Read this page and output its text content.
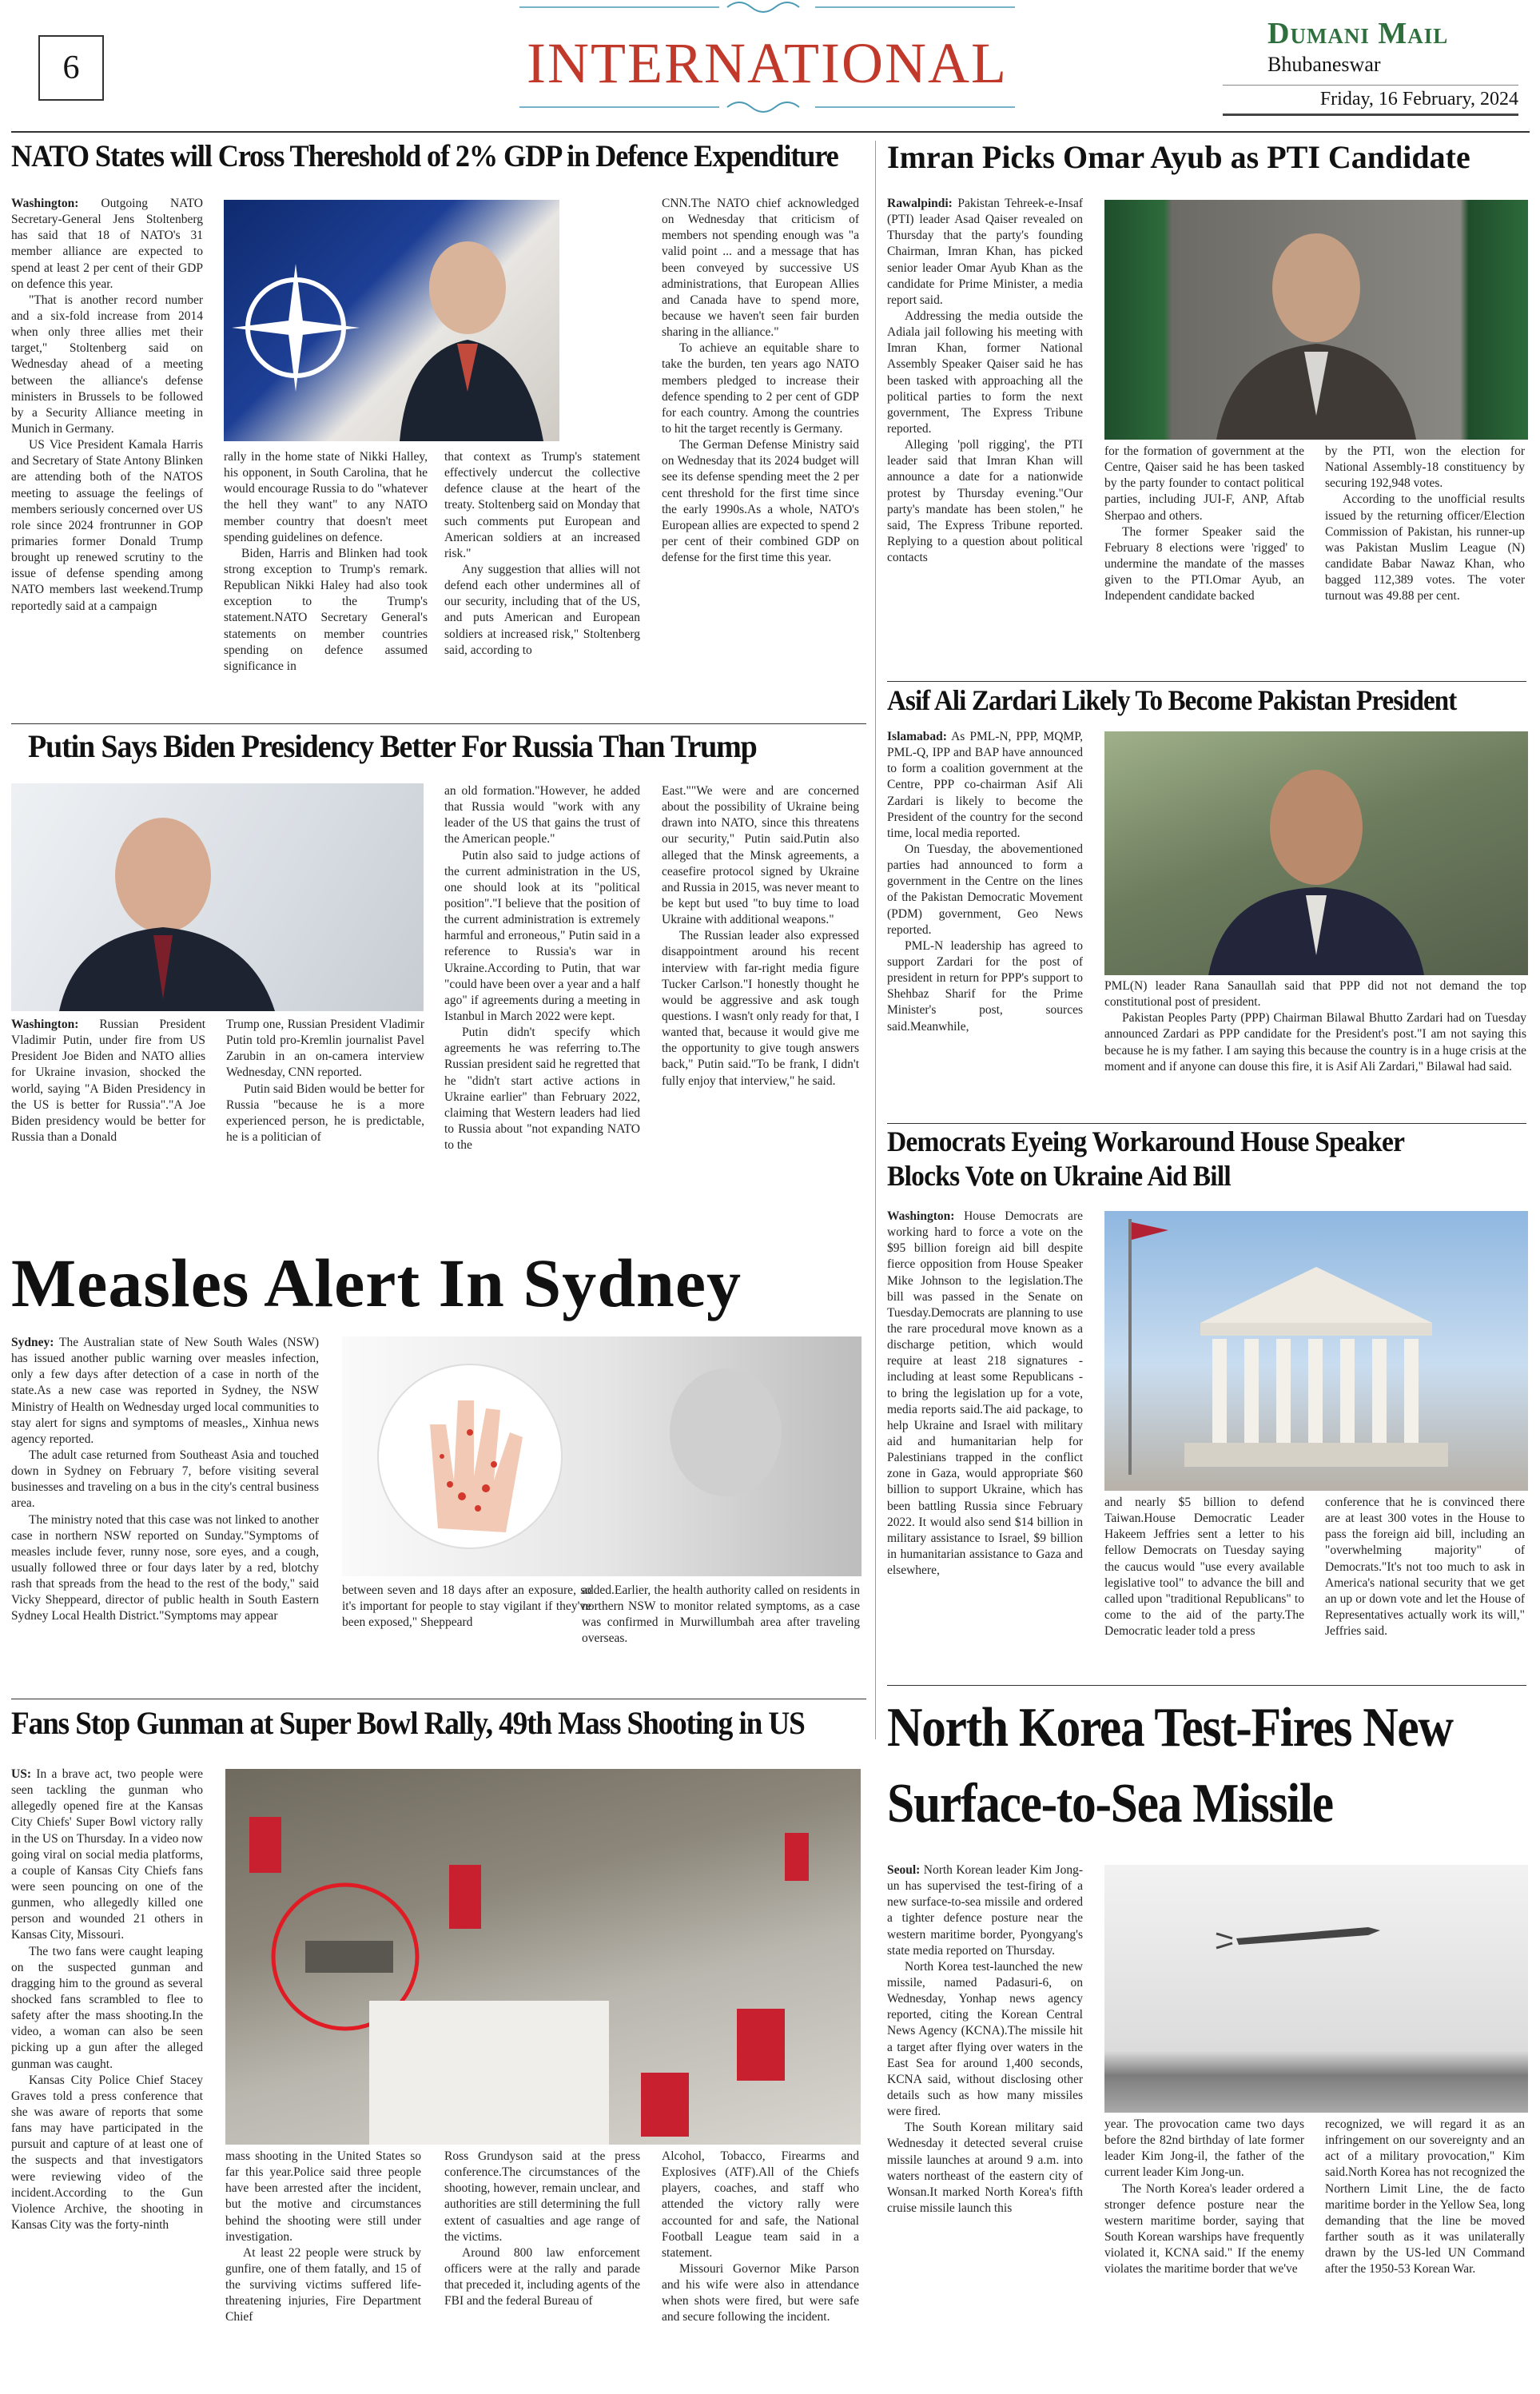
6	INTERNATIONAL	Dumani Mail
Bhubaneswar
Friday, 16 February, 2024
NATO States will Cross Thereshold of 2% GDP in Defence Expenditure

Washington: Outgoing NATO Secretary-General Jens Stoltenberg has said that 18 of NATO's 31 member alliance are expected to spend at least 2 per cent of their GDP on defence this year.

"That is another record number and a six-fold increase from 2014 when only three allies met their target," Stoltenberg said on Wednesday ahead of a meeting between the alliance's defense ministers in Brussels to be followed by a Security Alliance meeting in Munich in Germany.

US Vice President Kamala Harris and Secretary of State Antony Blinken are attending both of the NATOS meeting to assuage the feelings of members seriously concerned over US role since 2024 frontrunner in GOP primaries former Donald Trump brought up renewed scrutiny to the issue of defense spending among NATO members last weekend.Trump reportedly said at a campaign

rally in the home state of Nikki Halley, his opponent, in South Carolina, that he would encourage Russia to do "whatever the hell they want" to any NATO member country that doesn't meet spending guidelines on defence.

Biden, Harris and Blinken had took strong exception to Trump's remark. Republican Nikki Haley had also took exception to the Trump's statement.NATO Secretary General's statements on member countries spending on defence assumed significance in

that context as Trump's statement effectively undercut the collective defence clause at the heart of the treaty. Stoltenberg said on Monday that such comments put European and American soldiers at an increased risk."

Any suggestion that allies will not defend each other undermines all of our security, including that of the US, and puts American and European soldiers at increased risk," Stoltenberg said, according to

CNN.The NATO chief acknowledged on Wednesday that criticism of members not spending enough was "a valid point ... and a message that has been conveyed by successive US administrations, that European Allies and Canada have to spend more, because we haven't seen fair burden sharing in the alliance."

To achieve an equitable share to take the burden, ten years ago NATO members pledged to increase their defence spending to 2 per cent of GDP for each country. Among the countries to hit the target recently is Germany.

The German Defense Ministry said on Wednesday that its 2024 budget will see its defense spending meet the 2 per cent threshold for the first time since the early 1990s.As a whole, NATO's European allies are expected to spend 2 per cent of their combined GDP on defense for the first time this year.

Imran Picks Omar Ayub as PTI Candidate

Rawalpindi: Pakistan Tehreek-e-Insaf (PTI) leader Asad Qaiser revealed on Thursday that the party's founding Chairman, Imran Khan, has picked senior leader Omar Ayub Khan as the candidate for Prime Minister, a media report said.

Addressing the media outside the Adiala jail following his meeting with Imran Khan, former National Assembly Speaker Qaiser said he has been tasked with approaching all the political parties to form the next government, The Express Tribune reported.

Alleging 'poll rigging', the PTI leader said that Imran Khan will announce a date for a nationwide protest by Thursday evening."Our party's mandate has been stolen," he said, The Express Tribune reported. Replying to a question about political contacts

for the formation of government at the Centre, Qaiser said he has been tasked by the party founder to contact political parties, including JUI-F, ANP, Aftab Sherpao and others.

The former Speaker said the February 8 elections were 'rigged' to undermine the mandate of the masses given to the PTI.Omar Ayub, an Independent candidate backed

by the PTI, won the election for National Assembly-18 constituency by securing 192,948 votes.

According to the unofficial results issued by the returning officer/Election Commission of Pakistan, his runner-up was Pakistan Muslim League (N) candidate Babar Nawaz Khan, who bagged 112,389 votes. The voter turnout was 49.88 per cent.

Asif Ali Zardari Likely To Become Pakistan President

Islamabad: As PML-N, PPP, MQMP, PML-Q, IPP and BAP have announced to form a coalition government at the Centre, PPP co-chairman Asif Ali Zardari is likely to become the President of the country for the second time, local media reported.

On Tuesday, the abovementioned parties had announced to form a government in the Centre on the lines of the Pakistan Democratic Movement (PDM) government, Geo News reported.

PML-N leadership has agreed to support Zardari for the post of president in return for PPP's support to Shehbaz Sharif for the Prime Minister's post, sources said.Meanwhile,

PML(N) leader Rana Sanaullah said that PPP did not not demand the top constitutional post of president.

Pakistan Peoples Party (PPP) Chairman Bilawal Bhutto Zardari had on Tuesday announced Zardari as PPP candidate for the President's post."I am not saying this because he is my father. I am saying this because the country is in a huge crisis at the moment and if anyone can douse this fire, it is Asif Ali Zardari," Bilawal had said.

Putin Says Biden Presidency Better For Russia Than Trump

Washington: Russian President Vladimir Putin, under fire from US President Joe Biden and NATO allies for Ukraine invasion, shocked the world, saying "A Biden Presidency in the US is better for Russia"."A Joe Biden presidency would be better for Russia than a Donald

Trump one, Russian President Vladimir Putin told pro-Kremlin journalist Pavel Zarubin in an on-camera interview Wednesday, CNN reported.

Putin said Biden would be better for Russia "because he is a more experienced person, he is predictable, he is a politician of

an old formation."However, he added that Russia would "work with any leader of the US that gains the trust of the American people."

Putin also said to judge actions of the current administration in the US, one should look at its "political position"."I believe that the position of the current administration is extremely harmful and erroneous," Putin said in a reference to Russia's war in Ukraine.According to Putin, that war "could have been over a year and a half ago" if agreements during a meeting in Istanbul in March 2022 were kept.

Putin didn't specify which agreements he was referring to.The Russian president said he regretted that he "didn't start active actions in Ukraine earlier" than February 2022, claiming that Western leaders had lied to Russia about "not expanding NATO to the

East.""We were and are concerned about the possibility of Ukraine being drawn into NATO, since this threatens our security," Putin said.Putin also alleged that the Minsk agreements, a ceasefire protocol signed by Ukraine and Russia in 2015, was never meant to be kept but used "to buy time to load Ukraine with additional weapons."

The Russian leader also expressed disappointment around his recent interview with far-right media figure Tucker Carlson."I honestly thought he would be aggressive and ask tough questions. I wasn't only ready for that, I wanted that, because it would give me the opportunity to give tough answers back," Putin said."To be frank, I didn't fully enjoy that interview," he said.

Measles Alert In Sydney

Sydney: The Australian state of New South Wales (NSW) has issued another public warning over measles infection, only a few days after detection of a case in north of the state.As a new case was reported in Sydney, the NSW Ministry of Health on Wednesday urged local communities to stay alert for signs and symptoms of measles,, Xinhua news agency reported.

The adult case returned from Southeast Asia and touched down in Sydney on February 7, before visiting several businesses and traveling on a bus in the city's central business area.

The ministry noted that this case was not linked to another case in northern NSW reported on Sunday."Symptoms of measles include fever, runny nose, sore eyes, and a cough, usually followed three or four days later by a red, blotchy rash that spreads from the head to the rest of the body," said Vicky Sheppeard, director of public health in South Eastern Sydney Local Health District."Symptoms may appear

between seven and 18 days after an exposure, so it's important for people to stay vigilant if they've been exposed," Sheppeard

added.Earlier, the health authority called on residents in northern NSW to monitor related symptoms, as a case was confirmed in Murwillumbah area after traveling overseas.

Democrats Eyeing Workaround House Speaker
Blocks Vote on Ukraine Aid Bill

Washington: House Democrats are working hard to force a vote on the $95 billion foreign aid bill despite fierce opposition from House Speaker Mike Johnson to the legislation.The bill was passed in the Senate on Tuesday.Democrats are planning to use the rare procedural move known as a discharge petition, which would require at least 218 signatures - including at least some Republicans - to bring the legislation up for a vote, media reports said.The aid package, to help Ukraine and Israel with military aid and humanitarian help for Palestinians trapped in the conflict zone in Gaza, would appropriate $60 billion to support Ukraine, which has been battling Russia since February 2022. It would also send $14 billion in military assistance to Israel, $9 billion in humanitarian assistance to Gaza and elsewhere,

and nearly $5 billion to defend Taiwan.House Democratic Leader Hakeem Jeffries sent a letter to his fellow Democrats on Tuesday saying the caucus would "use every available legislative tool" to advance the bill and called upon "traditional Republicans" to come to the aid of the party.The Democratic leader told a press

conference that he is convinced there are at least 300 votes in the House to pass the foreign aid bill, including an "overwhelming majority" of Democrats."It's not too much to ask in America's national security that we get an up or down vote and let the House of Representatives actually work its will," Jeffries said.

Fans Stop Gunman at Super Bowl Rally, 49th Mass Shooting in US

US: In a brave act, two people were seen tackling the gunman who allegedly opened fire at the Kansas City Chiefs' Super Bowl victory rally in the US on Thursday. In a video now going viral on social media platforms, a couple of Kansas City Chiefs fans were seen pouncing on one of the gunmen, who allegedly killed one person and wounded 21 others in Kansas City, Missouri.

The two fans were caught leaping on the suspected gunman and dragging him to the ground as several shocked fans scrambled to flee to safety after the mass shooting.In the video, a woman can also be seen picking up a gun after the alleged gunman was caught.

Kansas City Police Chief Stacey Graves told a press conference that she was aware of reports that some fans may have participated in the pursuit and capture of at least one of the suspects and that investigators were reviewing video of the incident.According to the Gun Violence Archive, the shooting in Kansas City was the forty-ninth

mass shooting in the United States so far this year.Police said three people have been arrested after the incident, but the motive and circumstances behind the shooting were still under investigation.

At least 22 people were struck by gunfire, one of them fatally, and 15 of the surviving victims suffered life-threatening injuries, Fire Department Chief

Ross Grundyson said at the press conference.The circumstances of the shooting, however, remain unclear, and authorities are still determining the full extent of casualties and age range of the victims.

Around 800 law enforcement officers were at the rally and parade that preceded it, including agents of the FBI and the federal Bureau of

Alcohol, Tobacco, Firearms and Explosives (ATF).All of the Chiefs players, coaches, and staff who attended the victory rally were accounted for and safe, the National Football League team said in a statement.

Missouri Governor Mike Parson and his wife were also in attendance when shots were fired, but were safe and secure following the incident.

North Korea Test-Fires New
Surface-to-Sea Missile

Seoul: North Korean leader Kim Jong-un has supervised the test-firing of a new surface-to-sea missile and ordered a tighter defence posture near the western maritime border, Pyongyang's state media reported on Thursday.

North Korea test-launched the new missile, named Padasuri-6, on Wednesday, Yonhap news agency reported, citing the Korean Central News Agency (KCNA).The missile hit a target after flying over waters in the East Sea for around 1,400 seconds, KCNA said, without disclosing other details such as how many missiles were fired.

The South Korean military said Wednesday it detected several cruise missile launches at around 9 a.m. into waters northeast of the eastern city of Wonsan.It marked North Korea's fifth cruise missile launch this

year. The provocation came two days before the 82nd birthday of late former leader Kim Jong-il, the father of the current leader Kim Jong-un.

The North Korea's leader ordered a stronger defence posture near the western maritime border, saying that South Korean warships have frequently violated it, KCNA said." If the enemy violates the maritime border that we've

recognized, we will regard it as an infringement on our sovereignty and an act of a military provocation," Kim said.North Korea has not recognized the Northern Limit Line, the de facto maritime border in the Yellow Sea, long demanding that the line be moved farther south as it was unilaterally drawn by the US-led UN Command after the 1950-53 Korean War.
